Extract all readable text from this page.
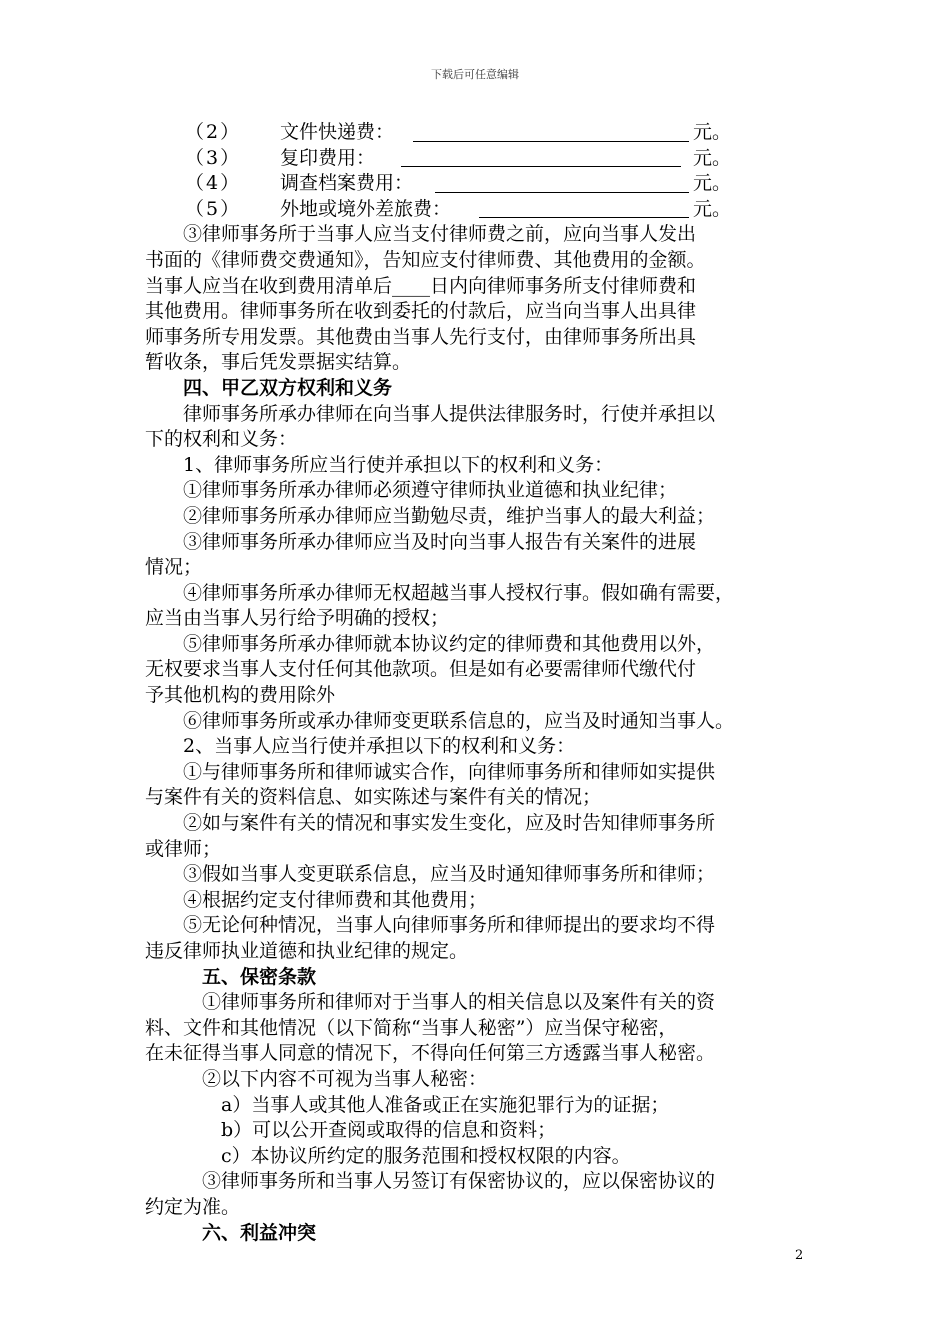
下载后可任意编辑
（2） 文件快递费：	元。
（3） 复印费用：	元。
（4） 调查档案费用：	元。
（5） 外地或境外差旅费：	元。
　　③律师事务所于当事人应当支付律师费之前，应向当事人发出
书面的《律师费交费通知》，告知应支付律师费、其他费用的金额。
当事人应当在收到费用清单后____日内向律师事务所支付律师费和
其他费用。律师事务所在收到委托的付款后，应当向当事人出具律
师事务所专用发票。其他费由当事人先行支付，由律师事务所出具
暂收条，事后凭发票据实结算。
　　四、甲乙双方权利和义务
　　律师事务所承办律师在向当事人提供法律服务时，行使并承担以
下的权利和义务：
　　1、律师事务所应当行使并承担以下的权利和义务：
　　①律师事务所承办律师必须遵守律师执业道德和执业纪律；
　　②律师事务所承办律师应当勤勉尽责，维护当事人的最大利益；
　　③律师事务所承办律师应当及时向当事人报告有关案件的进展
情况；
　　④律师事务所承办律师无权超越当事人授权行事。假如确有需要，
应当由当事人另行给予明确的授权；
　　⑤律师事务所承办律师就本协议约定的律师费和其他费用以外，
无权要求当事人支付任何其他款项。但是如有必要需律师代缴代付
予其他机构的费用除外
　　⑥律师事务所或承办律师变更联系信息的，应当及时通知当事人。
　　2、当事人应当行使并承担以下的权利和义务：
　　①与律师事务所和律师诚实合作，向律师事务所和律师如实提供
与案件有关的资料信息、如实陈述与案件有关的情况；
　　②如与案件有关的情况和事实发生变化，应及时告知律师事务所
或律师；
　　③假如当事人变更联系信息，应当及时通知律师事务所和律师；
　　④根据约定支付律师费和其他费用；
　　⑤无论何种情况，当事人向律师事务所和律师提出的要求均不得
违反律师执业道德和执业纪律的规定。
　　　五、保密条款
　　　①律师事务所和律师对于当事人的相关信息以及案件有关的资
料、文件和其他情况（以下简称“当事人秘密”）应当保守秘密，
在未征得当事人同意的情况下，不得向任何第三方透露当事人秘密。
　　　②以下内容不可视为当事人秘密：
　　　　a）当事人或其他人准备或正在实施犯罪行为的证据；
　　　　b）可以公开查阅或取得的信息和资料；
　　　　c）本协议所约定的服务范围和授权权限的内容。
　　　③律师事务所和当事人另签订有保密协议的，应以保密协议的
约定为准。
　　　六、利益冲突
2
